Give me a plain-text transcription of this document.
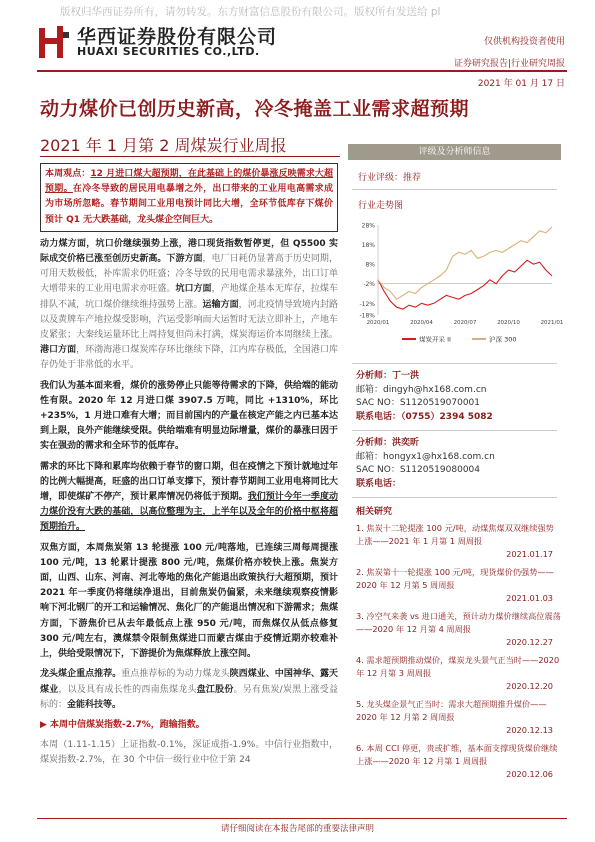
版权归华西证券所有，请勿转发。东方财富信息股份有限公司。版权所有发送给 pl
华西证券股份有限公司
HUAXI SECURITIES CO.,LTD.
仅供机构投资者使用
证券研究报告|行业研究周报
2021 年 01 月 17 日
动力煤价已创历史新高，冷冬掩盖工业需求超预期
2021 年 1 月第 2 周煤炭行业周报

本周观点：12 月进口煤大超预期，在此基础上的煤价暴涨反映需求大超预期。在冷冬导致的居民用电暴增之外，出口带来的工业用电高需求成为市场所忽略。春节期间工业用电预计同比大增，全环节低库存下煤价预计 Q1 无大跌基础，龙头煤企空间巨大。

动力煤方面，坑口价继续强势上涨，港口现货指数暂停更，但 Q5500 实际成交价格已涨至创历史新高。下游方面，电厂日耗仍显著高于历史同期，可用天数极低，补库需求仍旺盛；冷冬导致的民用电需求暴涨外，出口订单大增带来的工业用电需求亦旺盛。坑口方面，产地煤企基本无库存，拉煤车排队不减，坑口煤价继续维持强势上涨。运输方面，河北疫情导致境内封路以及黄牌车产地拉煤受影响，汽运受影响而大运暂时无法立即补上，产地车皮紧张；大秦线运量环比上周持复但尚未打满，煤炭海运价本周继续上涨。港口方面，环渤海港口煤炭库存环比继续下降，江内库存极低，全国港口库存仍处于非常低的水平。

我们认为基本面来看，煤价的涨势停止只能等待需求的下降，供给端的能动性有限。2020 年 12 月进口煤 3907.5 万吨，同比 +1310%，环比 +235%，1 月进口难有大增；而目前国内的产量在核定产能之内已基本达到上限，良外产能继续受限。供给端难有明显边际增量，煤价的暴涨曰因于实在强劲的需求和全环节的低库存。

需求的环比下降和累库均依赖于春节的窗口期，但在疫情之下预计就地过年的比例大幅提高，旺盛的出口订单支撑下，预计春节期间工业用电将同比大增，即使煤矿不停产，预计累库情况仍将低于预期。我们预计今年一季度动力煤价没有大跌的基础，以高位整理为主，上半年以及全年的价格中枢将超预期抬升。

双焦方面，本周焦炭第 13 轮提涨 100 元/吨落地，已连续三周每周提涨 100 元/吨，13 轮累计提涨 800 元/吨，焦煤价格亦较快上涨。焦炭方面，山西、山东、河南、河北等地的焦化产能退出政策执行大超预期，预计 2021 年一季度仍将继续净退出，目前焦炭仍偏紧，未来继续观察疫情影响下河北钢厂的开工和运输情况、焦化厂的产能退出情况和下游需求；焦煤方面，下游焦价已从去年最低点上涨 950 元/吨，而焦煤仅从低点修复 300 元/吨左右，澳煤禁令限制焦煤进口而蒙古煤由于疫情近期亦较难补上，供给受限情况下，下游提价为焦煤释放上涨空间。

龙头煤企重点推荐。重点推荐标的为动力煤龙头陕西煤业、中国神华、露天煤业，以及具有成长性的西南焦煤龙头盘江股份。另有焦炭/炭黑上涨受益标的：金能科技等。

▶ 本周中信煤炭指数-2.7%，跑输指数。

本周（1.11-1.15）上证指数-0.1%，深证成指-1.9%。中信行业指数中，煤炭指数-2.7%，在 30 个中信一级行业中位于第 24

评级及分析师信息
行业评级：推荐
行业走势图
28%
18%
8%
-2%
-12%
-18%
2020/01	2020/04	2020/07	2020/10	2021/01
煤炭开采 II	沪深 300
分析师：丁一洪
邮箱：dingyh@hx168.com.cn
SAC NO：S1120519070001
联系电话：（0755）2394 5082
分析师：洪奕昕
邮箱：hongyx1@hx168.com.cn
SAC NO：S1120519080004
联系电话：
相关研究
1. 焦炭十二轮提涨 100 元/吨，动煤焦煤双双继续强势上涨——2021 年 1 月第 1 周周报
2021.01.17
2. 焦炭第十一轮提涨 100 元/吨，现货煤价仍强势——2020 年 12 月第 5 周周报
2021.01.03
3. 冷空气来袭 vs 进口通关，预计动力煤价继续高位震荡——2020 年 12 月第 4 周周报
2020.12.27
4. 需求超预期推动煤价，煤炭龙头景气正当时——2020 年 12 月第 3 周周报
2020.12.20
5. 龙头煤企景气正当时：需求大超预期推升煤价——2020 年 12 月第 2 周周报
2020.12.13
6. 本周 CCI 停更，贵或扩维，基本面支撑现货煤价继续上涨——2020 年 12 月第 1 周周报
2020.12.06
请仔细阅读在本报告尾部的重要法律声明
